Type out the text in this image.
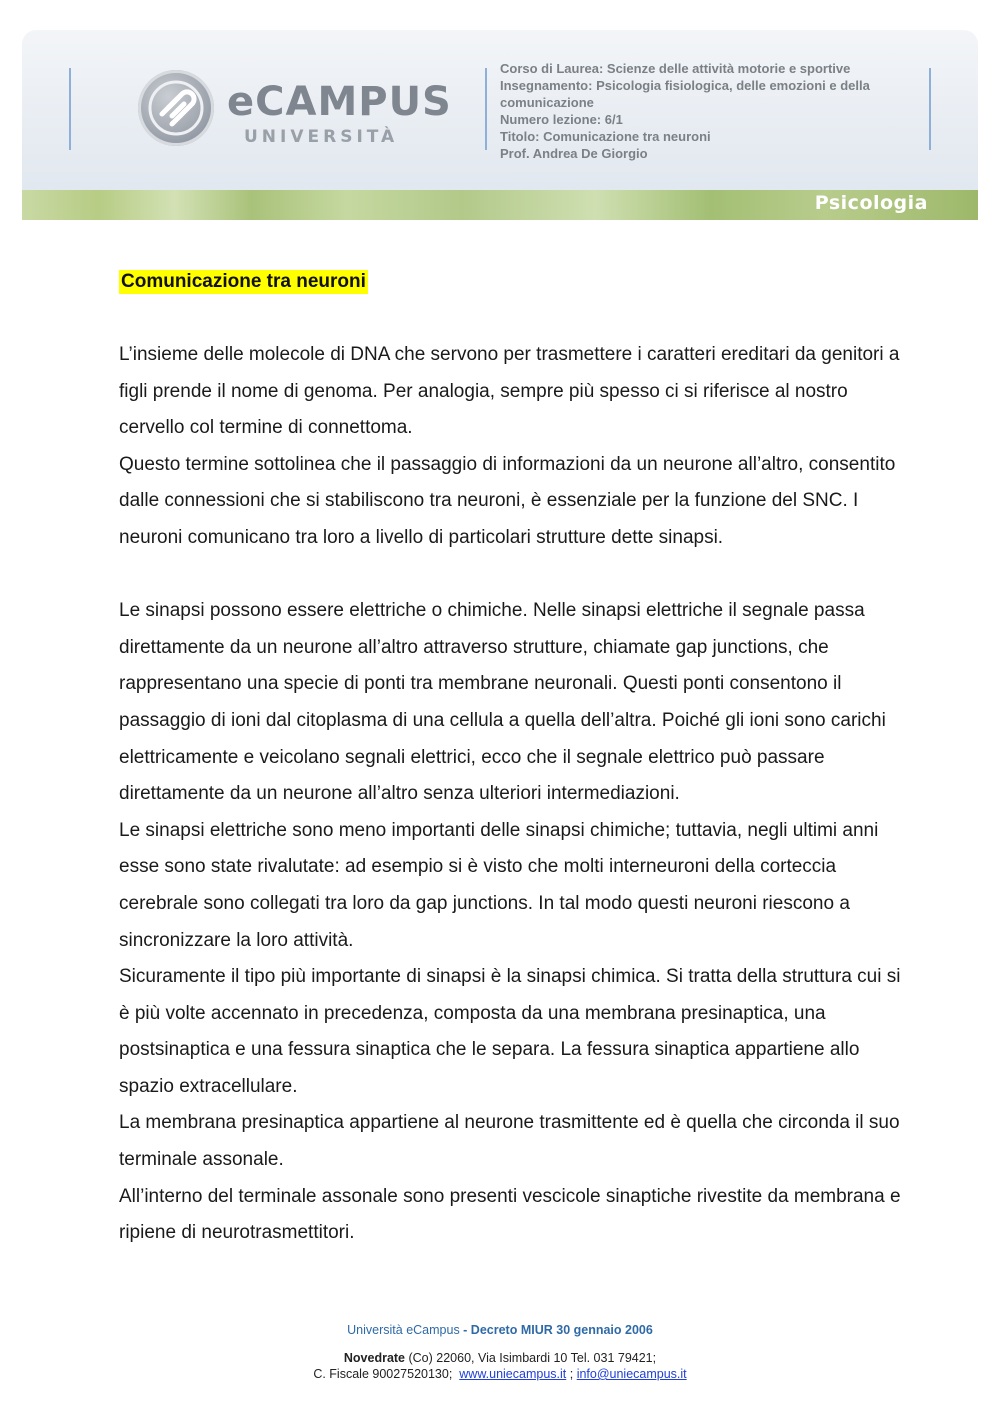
eCAMPUS
UNIVERSITÀ
Corso di Laurea: Scienze delle attività motorie e sportive
Insegnamento: Psicologia fisiologica, delle emozioni e della
comunicazione
Numero lezione: 6/1
Titolo: Comunicazione tra neuroni
Prof. Andrea De Giorgio
Psicologia
Comunicazione tra neuroni

L’insieme delle molecole di DNA che servono per trasmettere i caratteri ereditari da genitori a figli prende il nome di genoma. Per analogia, sempre più spesso ci si riferisce al nostro cervello col termine di connettoma.

Questo termine sottolinea che il passaggio di informazioni da un neurone all’altro, consentito dalle connessioni che si stabiliscono tra neuroni, è essenziale per la funzione del SNC. I neuroni comunicano tra loro a livello di particolari strutture dette sinapsi.

Le sinapsi possono essere elettriche o chimiche. Nelle sinapsi elettriche il segnale passa direttamente da un neurone all’altro attraverso strutture, chiamate gap junctions, che rappresentano una specie di ponti tra membrane neuronali. Questi ponti consentono il passaggio di ioni dal citoplasma di una cellula a quella dell’altra. Poiché gli ioni sono carichi elettricamente e veicolano segnali elettrici, ecco che il segnale elettrico può passare direttamente da un neurone all’altro senza ulteriori intermediazioni.

Le sinapsi elettriche sono meno importanti delle sinapsi chimiche; tuttavia, negli ultimi anni esse sono state rivalutate: ad esempio si è visto che molti interneuroni della corteccia cerebrale sono collegati tra loro da gap junctions. In tal modo questi neuroni riescono a sincronizzare la loro attività.

Sicuramente il tipo più importante di sinapsi è la sinapsi chimica. Si tratta della struttura cui si è più volte accennato in precedenza, composta da una membrana presinaptica, una postsinaptica e una fessura sinaptica che le separa. La fessura sinaptica appartiene allo spazio extracellulare.

La membrana presinaptica appartiene al neurone trasmittente ed è quella che circonda il suo terminale assonale.

All’interno del terminale assonale sono presenti vescicole sinaptiche rivestite da membrana e ripiene di neurotrasmettitori.

Università eCampus - Decreto MIUR 30 gennaio 2006
Novedrate (Co) 22060, Via Isimbardi 10 Tel. 031 79421;
C. Fiscale 90027520130; www.uniecampus.it ; info@uniecampus.it
